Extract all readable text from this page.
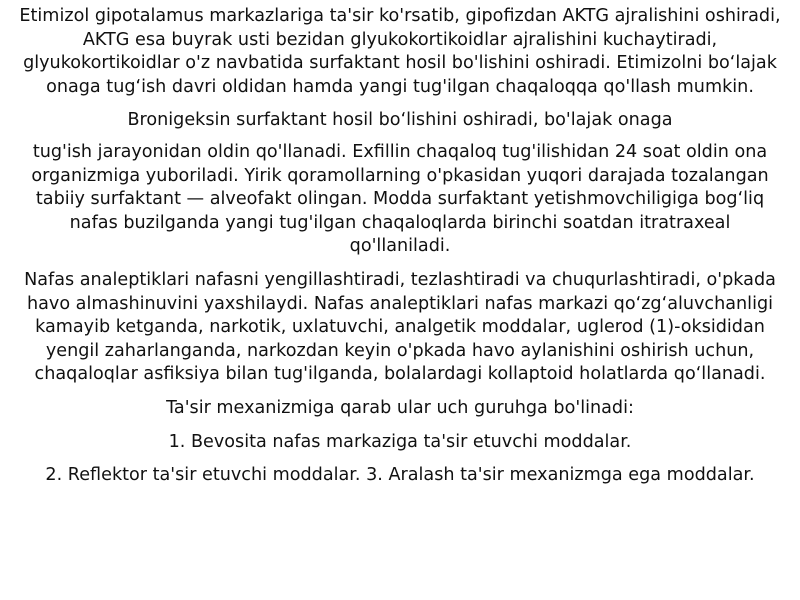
Etimizol gipotalamus markazlariga ta'sir ko'rsatib, gipofizdan AKTG ajralishini oshiradi, AKTG esa buyrak usti bezidan glyukokortikoidlar ajralishini kuchaytiradi, glyukokortikoidlar o'z navbatida surfaktant hosil bo'lishini oshiradi. Etimizolni bo‘lajak onaga tug‘ish davri oldidan hamda yangi tug'ilgan chaqaloqqa qo'llash mumkin.

Bronigeksin surfaktant hosil bo‘lishini oshiradi, bo'lajak onaga

tug'ish jarayonidan oldin qo'llanadi. Exfillin chaqaloq tug'ilishidan 24 soat oldin ona organizmiga yuboriladi. Yirik qoramollarning o'pkasidan yuqori darajada tozalangan tabiiy surfaktant — alveofakt olingan. Modda surfaktant yetishmovchiligiga bog‘liq nafas buzilganda yangi tug'ilgan chaqaloqlarda birinchi soatdan itratraxeal qo'llaniladi.

Nafas analeptiklari nafasni yengillashtiradi, tezlashtiradi va chuqurlashtiradi, o'pkada havo almashinuvini yaxshilaydi. Nafas analeptiklari nafas markazi qo‘zg‘aluvchanligi kamayib ketganda, narkotik, uxlatuvchi, analgetik moddalar, uglerod (1)-oksididan yengil zaharlanganda, narkozdan keyin o'pkada havo aylanishini oshirish uchun, chaqaloqlar asfiksiya bilan tug'ilganda, bolalardagi kollaptoid holatlarda qo‘llanadi.

Ta'sir mexanizmiga qarab ular uch guruhga bo'linadi:

1. Bevosita nafas markaziga ta'sir etuvchi moddalar.

2. Reflektor ta'sir etuvchi moddalar. 3. Aralash ta'sir mexanizmga ega moddalar.
